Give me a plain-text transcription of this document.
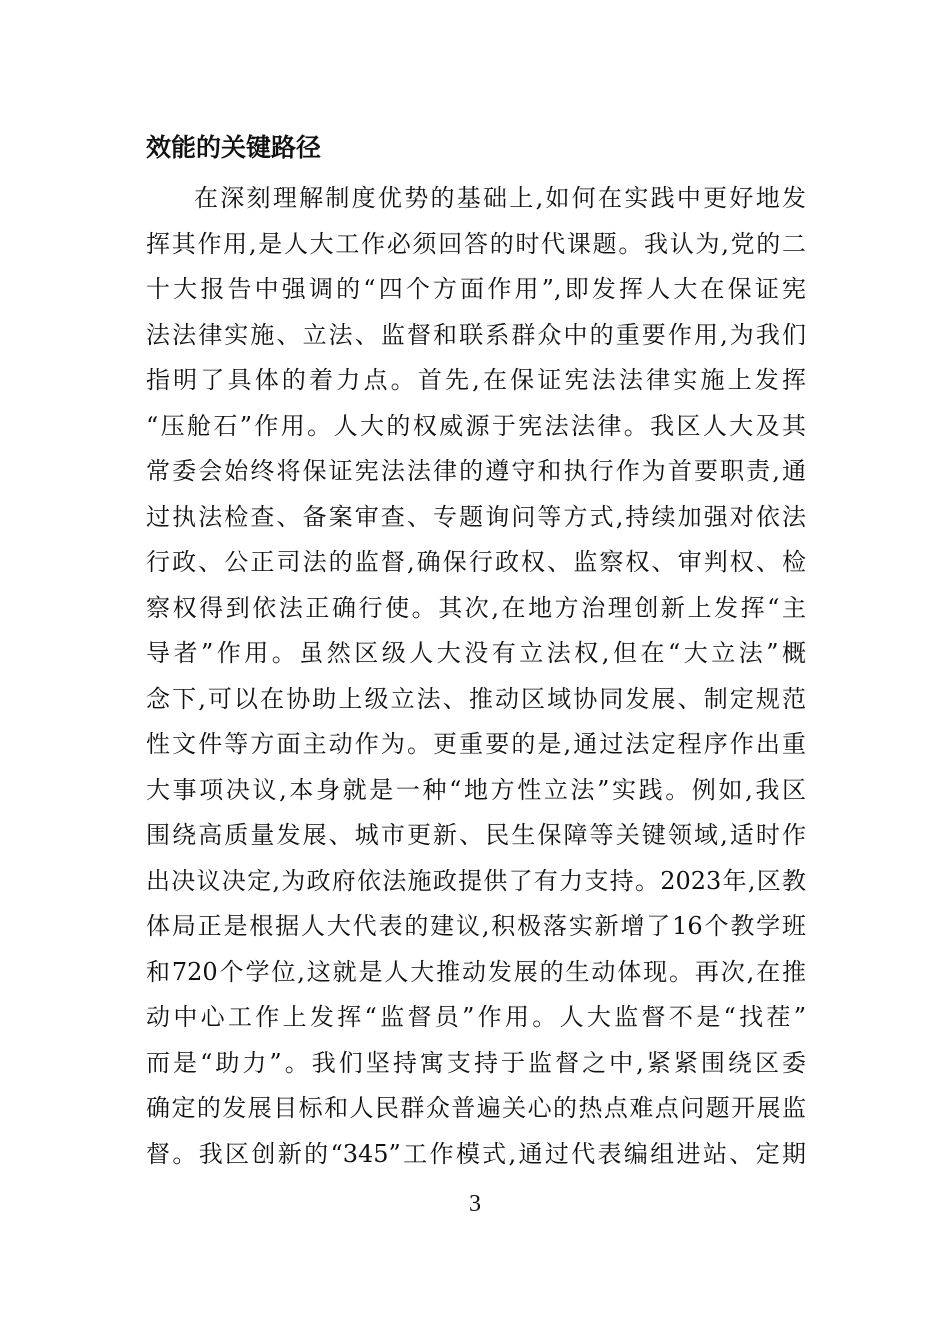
效能的关键路径
在深刻理解制度优势的基础上,如何在实践中更好地发
挥其作用,是人大工作必须回答的时代课题。我认为,党的二
十大报告中强调的“四个方面作用”,即发挥人大在保证宪
法法律实施、立法、监督和联系群众中的重要作用,为我们
指明了具体的着力点。首先,在保证宪法法律实施上发挥
“压舱石”作用。人大的权威源于宪法法律。我区人大及其
常委会始终将保证宪法法律的遵守和执行作为首要职责,通
过执法检查、备案审查、专题询问等方式,持续加强对依法
行政、公正司法的监督,确保行政权、监察权、审判权、检
察权得到依法正确行使。其次,在地方治理创新上发挥“主
导者”作用。虽然区级人大没有立法权,但在“大立法”概
念下,可以在协助上级立法、推动区域协同发展、制定规范
性文件等方面主动作为。更重要的是,通过法定程序作出重
大事项决议,本身就是一种“地方性立法”实践。例如,我区
围绕高质量发展、城市更新、民生保障等关键领域,适时作
出决议决定,为政府依法施政提供了有力支持。2023年,区教
体局正是根据人大代表的建议,积极落实新增了16个教学班
和720个学位,这就是人大推动发展的生动体现。再次,在推
动中心工作上发挥“监督员”作用。人大监督不是“找茬”
而是“助力”。我们坚持寓支持于监督之中,紧紧围绕区委
确定的发展目标和人民群众普遍关心的热点难点问题开展监
督。我区创新的“345”工作模式,通过代表编组进站、定期
3
